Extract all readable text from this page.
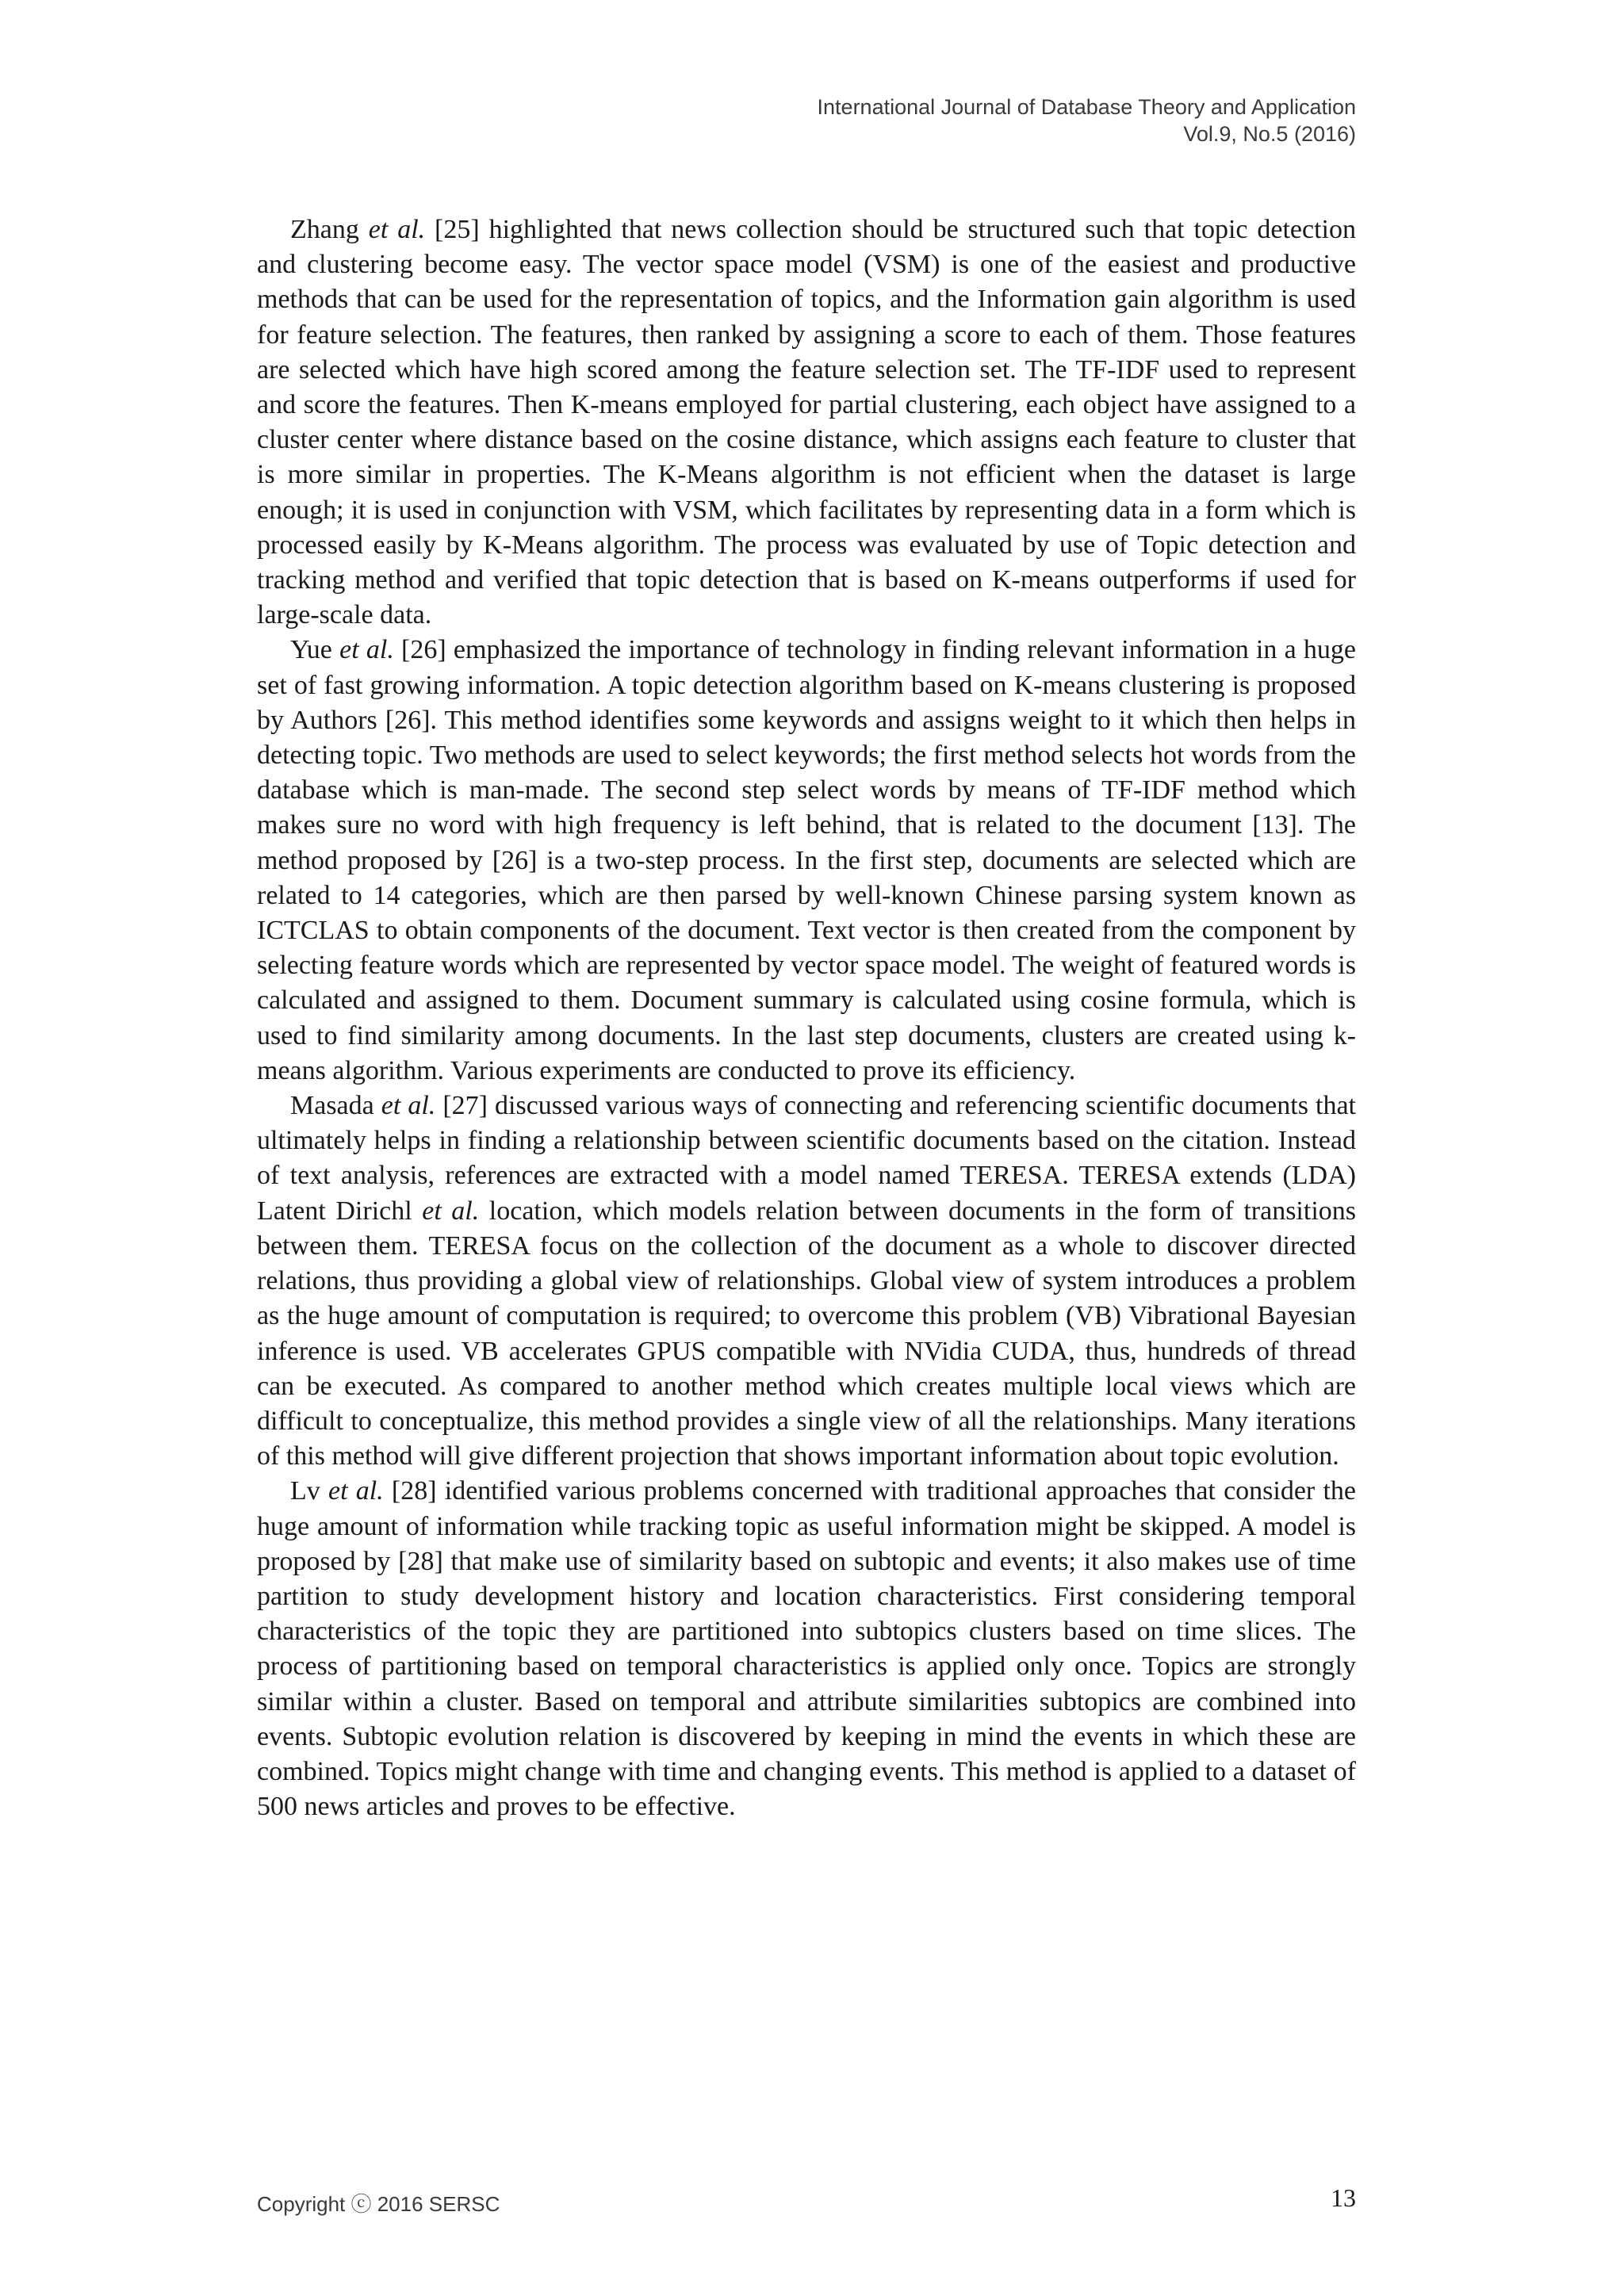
International Journal of Database Theory and Application
Vol.9, No.5 (2016)

Zhang et al. [25] highlighted that news collection should be structured such that topic detection and clustering become easy. The vector space model (VSM) is one of the easiest and productive methods that can be used for the representation of topics, and the Information gain algorithm is used for feature selection. The features, then ranked by assigning a score to each of them. Those features are selected which have high scored among the feature selection set. The TF-IDF used to represent and score the features. Then K-means employed for partial clustering, each object have assigned to a cluster center where distance based on the cosine distance, which assigns each feature to cluster that is more similar in properties. The K-Means algorithm is not efficient when the dataset is large enough; it is used in conjunction with VSM, which facilitates by representing data in a form which is processed easily by K-Means algorithm. The process was evaluated by use of Topic detection and tracking method and verified that topic detection that is based on K-means outperforms if used for large-scale data.

Yue et al. [26] emphasized the importance of technology in finding relevant information in a huge set of fast growing information. A topic detection algorithm based on K-means clustering is proposed by Authors [26]. This method identifies some keywords and assigns weight to it which then helps in detecting topic. Two methods are used to select keywords; the first method selects hot words from the database which is man-made. The second step select words by means of TF-IDF method which makes sure no word with high frequency is left behind, that is related to the document [13]. The method proposed by [26] is a two-step process. In the first step, documents are selected which are related to 14 categories, which are then parsed by well-known Chinese parsing system known as ICTCLAS to obtain components of the document. Text vector is then created from the component by selecting feature words which are represented by vector space model. The weight of featured words is calculated and assigned to them. Document summary is calculated using cosine formula, which is used to find similarity among documents. In the last step documents, clusters are created using k-means algorithm. Various experiments are conducted to prove its efficiency.

Masada et al. [27] discussed various ways of connecting and referencing scientific documents that ultimately helps in finding a relationship between scientific documents based on the citation. Instead of text analysis, references are extracted with a model named TERESA. TERESA extends (LDA) Latent Dirichl et al. location, which models relation between documents in the form of transitions between them. TERESA focus on the collection of the document as a whole to discover directed relations, thus providing a global view of relationships. Global view of system introduces a problem as the huge amount of computation is required; to overcome this problem (VB) Vibrational Bayesian inference is used. VB accelerates GPUS compatible with NVidia CUDA, thus, hundreds of thread can be executed. As compared to another method which creates multiple local views which are difficult to conceptualize, this method provides a single view of all the relationships. Many iterations of this method will give different projection that shows important information about topic evolution.

Lv et al. [28] identified various problems concerned with traditional approaches that consider the huge amount of information while tracking topic as useful information might be skipped. A model is proposed by [28] that make use of similarity based on subtopic and events; it also makes use of time partition to study development history and location characteristics. First considering temporal characteristics of the topic they are partitioned into subtopics clusters based on time slices. The process of partitioning based on temporal characteristics is applied only once. Topics are strongly similar within a cluster. Based on temporal and attribute similarities subtopics are combined into events. Subtopic evolution relation is discovered by keeping in mind the events in which these are combined. Topics might change with time and changing events. This method is applied to a dataset of 500 news articles and proves to be effective.

Copyright ⓒ 2016 SERSC	13
